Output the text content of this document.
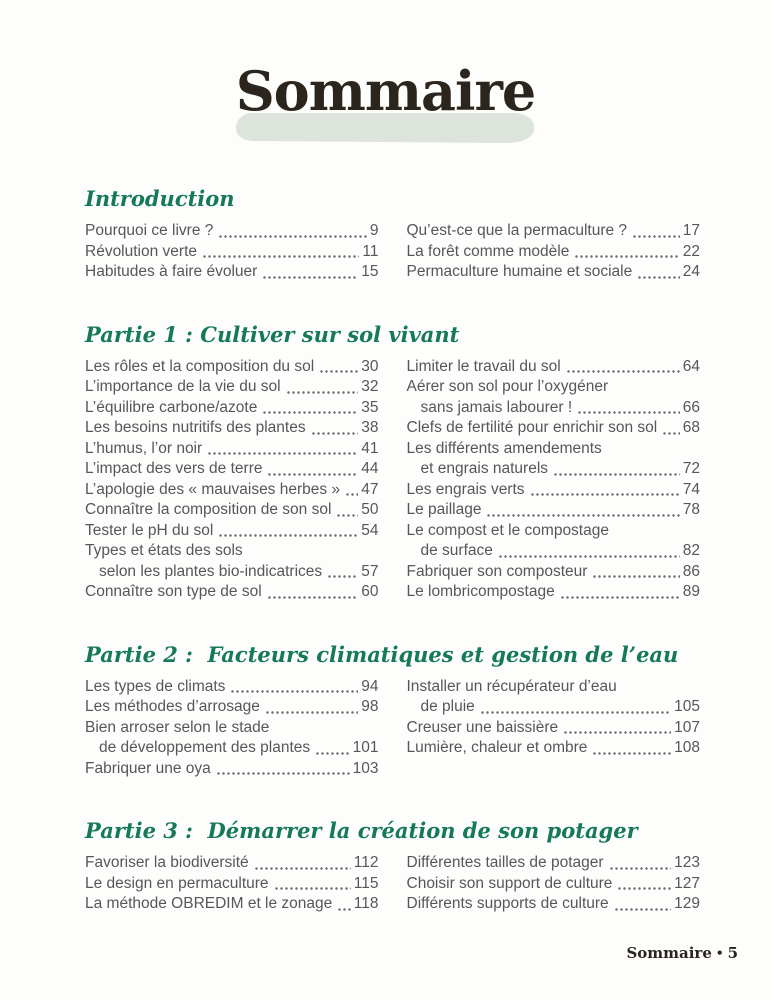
Sommaire
Introduction
Pourquoi ce livre ?	9
Révolution verte	11
Habitudes à faire évoluer	15
Qu’est-ce que la permaculture ?	17
La forêt comme modèle	22
Permaculture humaine et sociale	24
Partie 1 : Cultiver sur sol vivant
Les rôles et la composition du sol	30
L’importance de la vie du sol	32
L’équilibre carbone/azote	35
Les besoins nutritifs des plantes	38
L’humus, l’or noir	41
L’impact des vers de terre	44
L’apologie des « mauvaises herbes » 47
Connaître la composition de son sol 50
Tester le pH du sol	54
Types et états des sols
selon les plantes bio-indicatrices	57
Connaître son type de sol	60
Limiter le travail du sol	64
Aérer son sol pour l’oxygéner
sans jamais labourer !	66
Clefs de fertilité pour enrichir son sol 68
Les différents amendements
et engrais naturels	72
Les engrais verts	74
Le paillage	78
Le compost et le compostage
de surface	82
Fabriquer son composteur	86
Le lombricompostage	89
Partie 2 :  Facteurs climatiques et gestion de l’eau
Les types de climats	94
Les méthodes d’arrosage	98
Bien arroser selon le stade
de développement des plantes	101
Fabriquer une oya	103
Installer un récupérateur d’eau
de pluie	105
Creuser une baissière	107
Lumière, chaleur et ombre	108
Partie 3 :  Démarrer la création de son potager
Favoriser la biodiversité	112
Le design en permaculture	115
La méthode OBREDIM et le zonage 118
Différentes tailles de potager	123
Choisir son support de culture	127
Différents supports de culture	129
Sommaire • 5
